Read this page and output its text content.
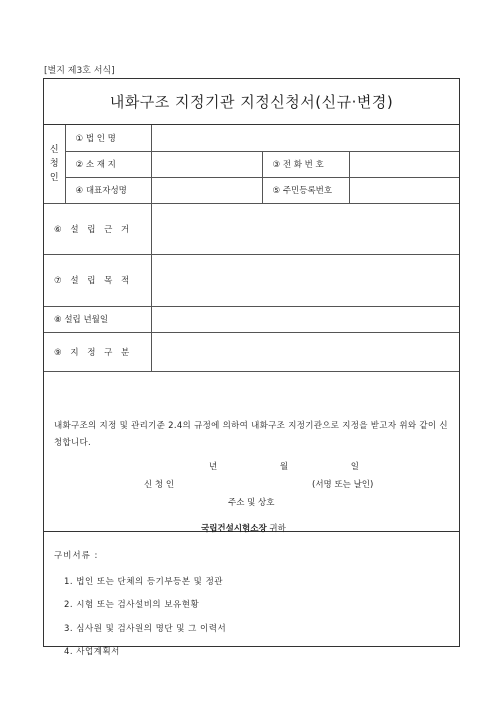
[별지 제3호 서식]
내화구조 지정기관 지정신청서(신규·변경)
신
청
인	① 법 인 명			
	② 소 재 지		③ 전 화 번 호	
	④ 대표자성명		⑤ 주민등록번호	
⑥ 설 립 근 거				
⑦ 설 립 목 적				
⑧ 설립 년월일				
⑨ 지 정 구 분				
내화구조의 지정 및 관리기준 2.4의 규정에 의하여 내화구조 지정기관으로 지정을 받고자 위와 같이 신청합니다.
년	월	일
신 청 인	(서명 또는 날인)
주소 및 상호
국립건설시험소장 귀하
구비서류 :
1. 법인 또는 단체의 등기부등본 및 정관
2. 시험 또는 검사설비의 보유현황
3. 심사원 및 검사원의 명단 및 그 이력서
4. 사업계획서
